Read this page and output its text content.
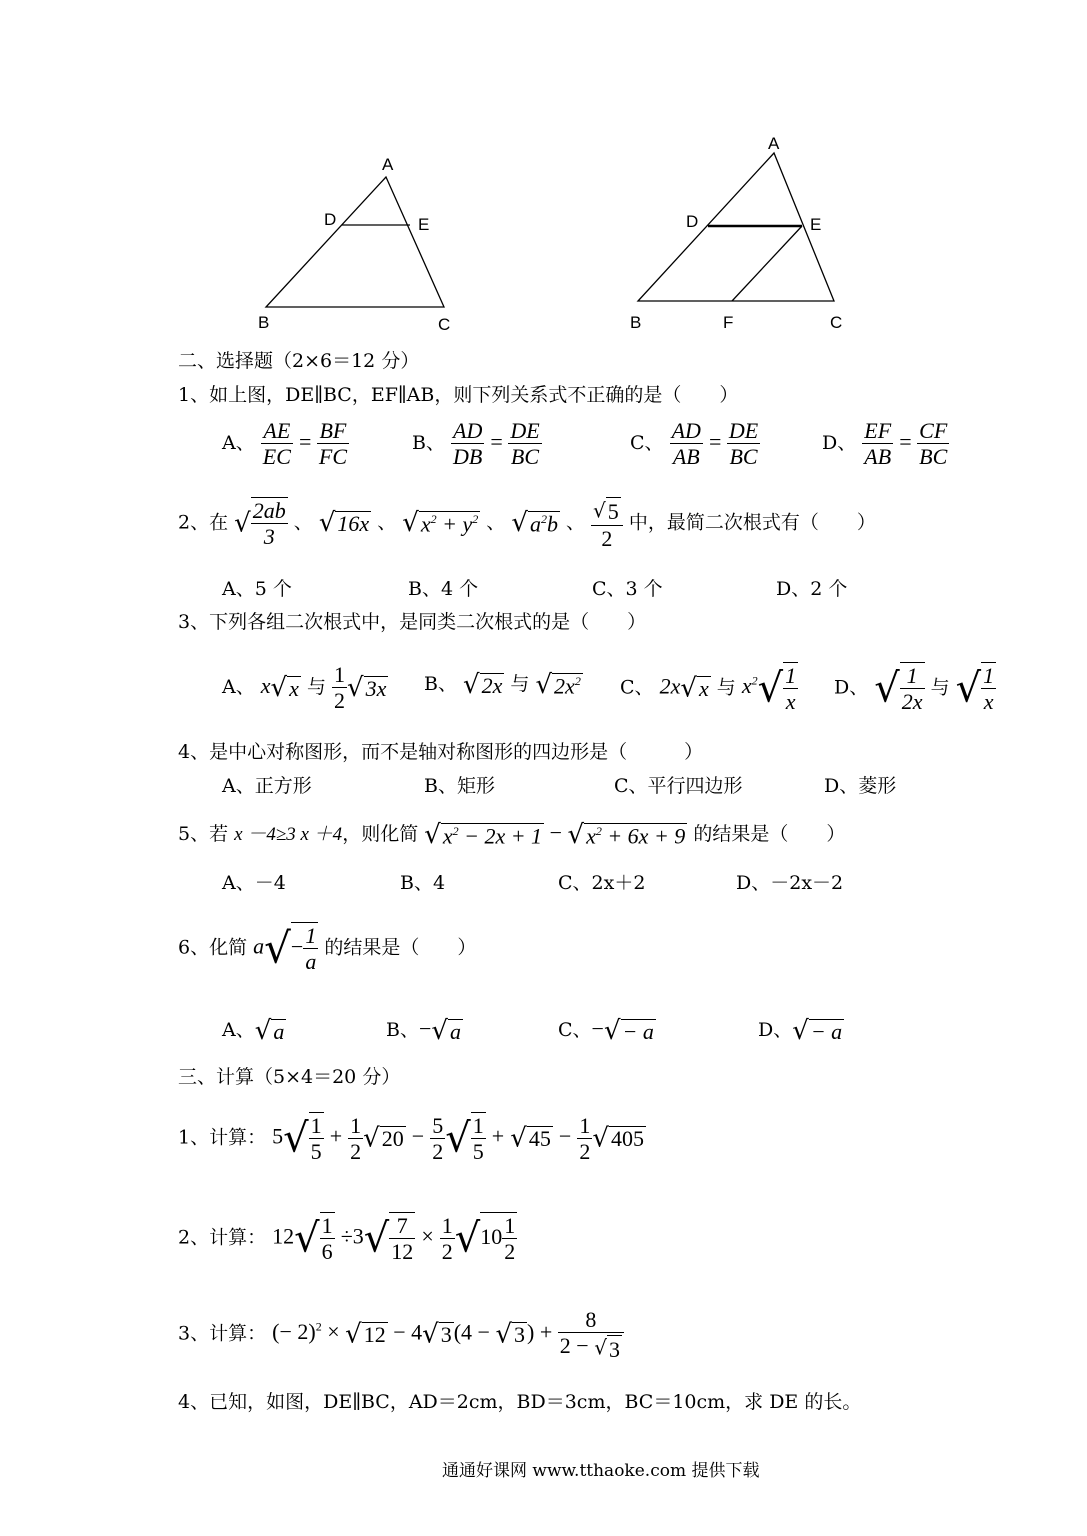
A
D	E
B	C
A
D	E
B	F	C
二、选择题（2×6＝12 分）
1、如上图，DE∥BC，EF∥AB，则下列关系式不正确的是（　　）
A、 $\frac{AE}{EC} = \frac{BF}{FC}$	B、 $\frac{AD}{DB} = \frac{DE}{BC}$	C、 $\frac{AD}{AB} = \frac{DE}{BC}$	D、 $\frac{EF}{AB} = \frac{CF}{BC}$
2、在 √ $\frac{2ab}{3}$ 、 √16x 、 $√x^2 + y^2$ 、 $√a^2b$ 、 $\frac{√5}{2}$ 中，最简二次根式有（　　）
A、5 个	B、4 个	C、3 个	D、2 个
3、下列各组二次根式中，是同类二次根式的是（　　）
A、 x√x 与 $\frac{1}{2} √3x$ B、 √2x 与 $√2x^2$ C、 2x√x 与 $x^2√ \frac{1}{x}$ D、 √ $\frac{1}{2x}$ 与 √ $\frac{1}{x}$
4、是中心对称图形，而不是轴对称图形的四边形是（　　　）
A、正方形	B、矩形	C、平行四边形	D、菱形
5、若 x －4≥3 x ＋4，则化简 $√x^2 - 2x + 1 - √x^2 + 6x + 9$ 的结果是（　　）
A、－4	B、4	C、2x＋2	D、－2x－2
6、化简 $a√- \frac{1}{a}$ 的结果是（　　）
A、√a	B、−√a	C、−√− a	D、√− a
三、计算（5×4＝20 分）
1、计算： $5√ \frac{1}{5} + \frac{1}{2} √20 - \frac{5}{2}$ √ $\frac{1}{5} + √45 - \frac{1}{2} √405$
2、计算： $12√ \frac{1}{6} \div 3√ \frac{7}{12} \times \frac{1}{2} √10 \frac{1}{2}$
3、计算： (− $2)^2 \times √12 - 4√3(4 - √3) + \frac{8}{2 - √3}$
4、已知，如图，DE∥BC，AD＝2cm，BD＝3cm，BC＝10cm，求 DE 的长。
通通好课网 www.tthaoke.com 提供下载
